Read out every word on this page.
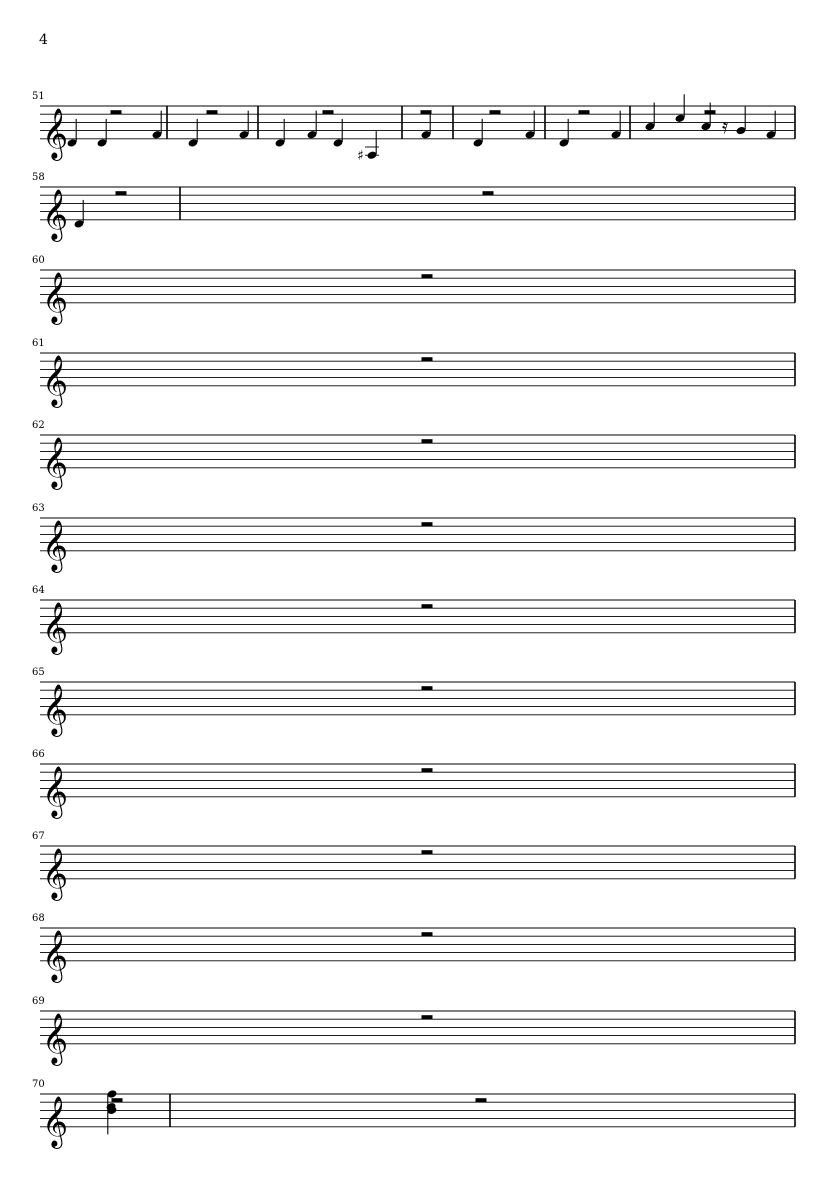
4
51
𝄞	♯
𝄿
58
𝄞
60
𝄞
61
𝄞
62
𝄞
63
𝄞
64
𝄞
65
𝄞
66
𝄞
67
𝄞
68
𝄞
69
𝄞
70
𝄞
